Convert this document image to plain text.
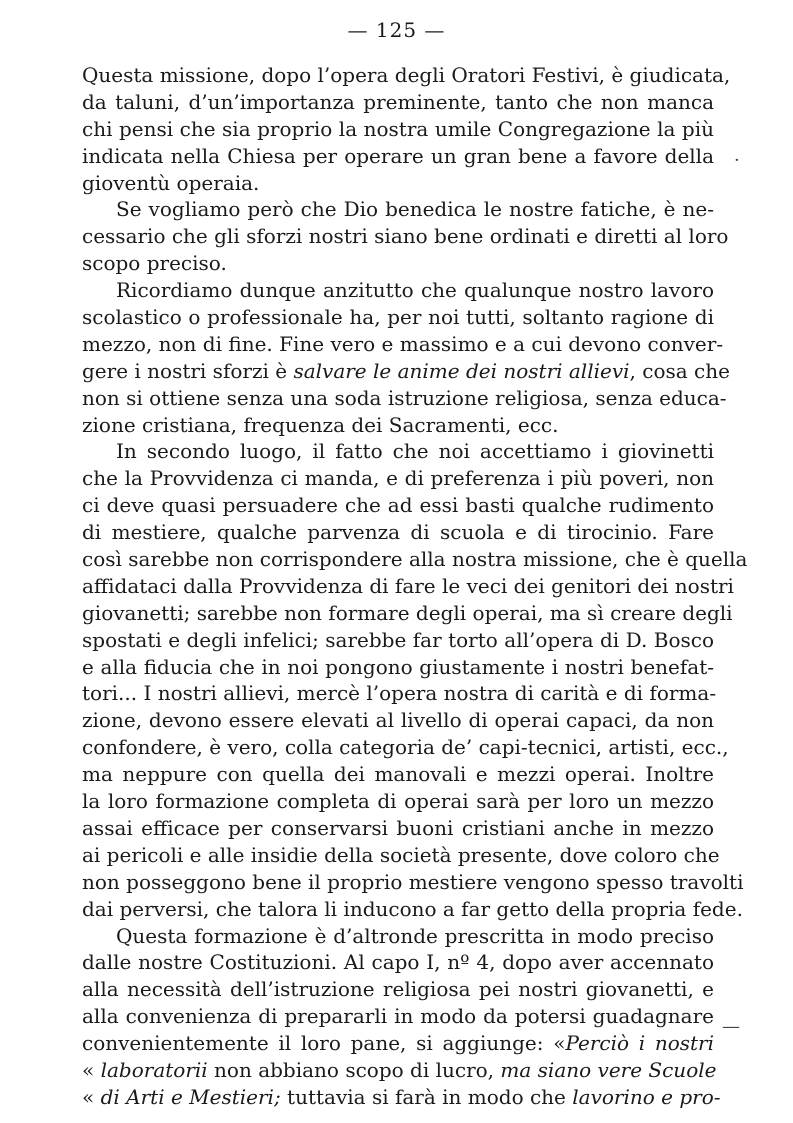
— 125 —
Questa missione, dopo l’opera degli Oratori Festivi, è giudicata,
da taluni, d’un’importanza preminente, tanto che non manca
chi pensi che sia proprio la nostra umile Congregazione la più
indicata nella Chiesa per operare un gran bene a favore della
gioventù operaia.
Se vogliamo però che Dio benedica le nostre fatiche, è ne-
cessario che gli sforzi nostri siano bene ordinati e diretti al loro
scopo preciso.
Ricordiamo dunque anzitutto che qualunque nostro lavoro
scolastico o professionale ha, per noi tutti, soltanto ragione di
mezzo, non di fine. Fine vero e massimo e a cui devono conver-
gere i nostri sforzi è salvare le anime dei nostri allievi, cosa che
non si ottiene senza una soda istruzione religiosa, senza educa-
zione cristiana, frequenza dei Sacramenti, ecc.
In secondo luogo, il fatto che noi accettiamo i giovinetti
che la Provvidenza ci manda, e di preferenza i più poveri, non
ci deve quasi persuadere che ad essi basti qualche rudimento
di mestiere, qualche parvenza di scuola e di tirocinio. Fare
così sarebbe non corrispondere alla nostra missione, che è quella
affidataci dalla Provvidenza di fare le veci dei genitori dei nostri
giovanetti; sarebbe non formare degli operai, ma sì creare degli
spostati e degli infelici; sarebbe far torto all’opera di D. Bosco
e alla fiducia che in noi pongono giustamente i nostri benefat-
tori... I nostri allievi, mercè l’opera nostra di carità e di forma-
zione, devono essere elevati al livello di operai capaci, da non
confondere, è vero, colla categoria de’ capi-tecnici, artisti, ecc.,
ma neppure con quella dei manovali e mezzi operai. Inoltre
la loro formazione completa di operai sarà per loro un mezzo
assai efficace per conservarsi buoni cristiani anche in mezzo
ai pericoli e alle insidie della società presente, dove coloro che
non posseggono bene il proprio mestiere vengono spesso travolti
dai perversi, che talora li inducono a far getto della propria fede.
Questa formazione è d’altronde prescritta in modo preciso
dalle nostre Costituzioni. Al capo I, nº 4, dopo aver accennato
alla necessità dell’istruzione religiosa pei nostri giovanetti, e
alla convenienza di prepararli in modo da potersi guadagnare
convenientemente il loro pane, si aggiunge: «Perciò i nostri
« laboratorii non abbiano scopo di lucro, ma siano vere Scuole
« di Arti e Mestieri; tuttavia si farà in modo che lavorino e pro-
·
—
